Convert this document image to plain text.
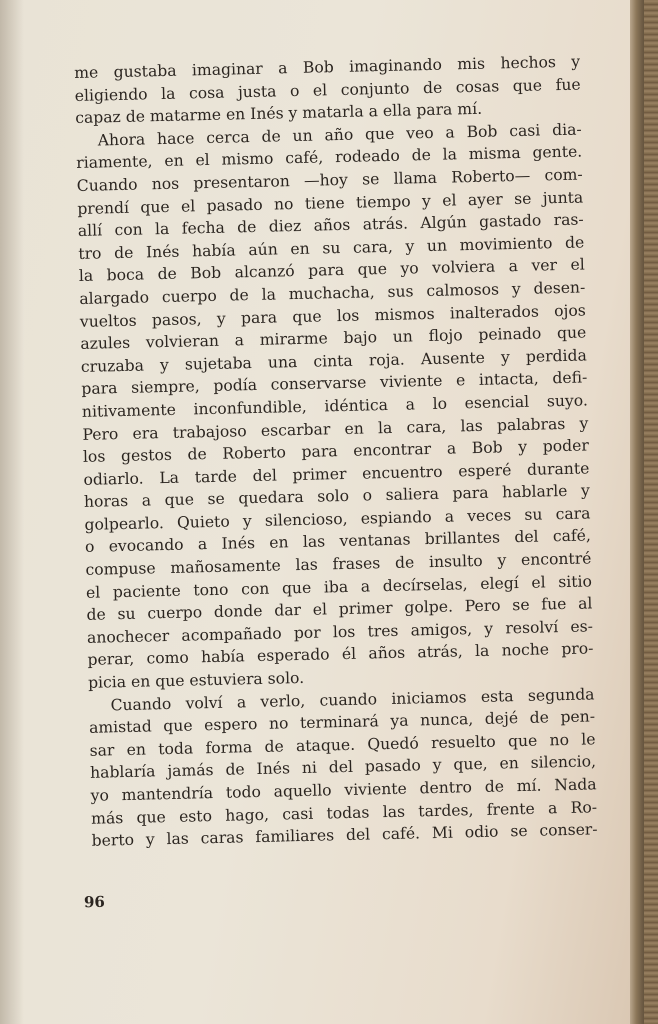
me gustaba imaginar a Bob imaginando mis hechos y
eligiendo la cosa justa o el conjunto de cosas que fue
capaz de matarme en Inés y matarla a ella para mí.
Ahora hace cerca de un año que veo a Bob casi dia-
riamente, en el mismo café, rodeado de la misma gente.
Cuando nos presentaron —hoy se llama Roberto— com-
prendí que el pasado no tiene tiempo y el ayer se junta
allí con la fecha de diez años atrás. Algún gastado ras-
tro de Inés había aún en su cara, y un movimiento de
la boca de Bob alcanzó para que yo volviera a ver el
alargado cuerpo de la muchacha, sus calmosos y desen-
vueltos pasos, y para que los mismos inalterados ojos
azules volvieran a mirarme bajo un flojo peinado que
cruzaba y sujetaba una cinta roja. Ausente y perdida
para siempre, podía conservarse viviente e intacta, defi-
nitivamente inconfundible, idéntica a lo esencial suyo.
Pero era trabajoso escarbar en la cara, las palabras y
los gestos de Roberto para encontrar a Bob y poder
odiarlo. La tarde del primer encuentro esperé durante
horas a que se quedara solo o saliera para hablarle y
golpearlo. Quieto y silencioso, espiando a veces su cara
o evocando a Inés en las ventanas brillantes del café,
compuse mañosamente las frases de insulto y encontré
el paciente tono con que iba a decírselas, elegí el sitio
de su cuerpo donde dar el primer golpe. Pero se fue al
anochecer acompañado por los tres amigos, y resolví es-
perar, como había esperado él años atrás, la noche pro-
picia en que estuviera solo.
Cuando volví a verlo, cuando iniciamos esta segunda
amistad que espero no terminará ya nunca, dejé de pen-
sar en toda forma de ataque. Quedó resuelto que no le
hablaría jamás de Inés ni del pasado y que, en silencio,
yo mantendría todo aquello viviente dentro de mí. Nada
más que esto hago, casi todas las tardes, frente a Ro-
berto y las caras familiares del café. Mi odio se conser-
96
